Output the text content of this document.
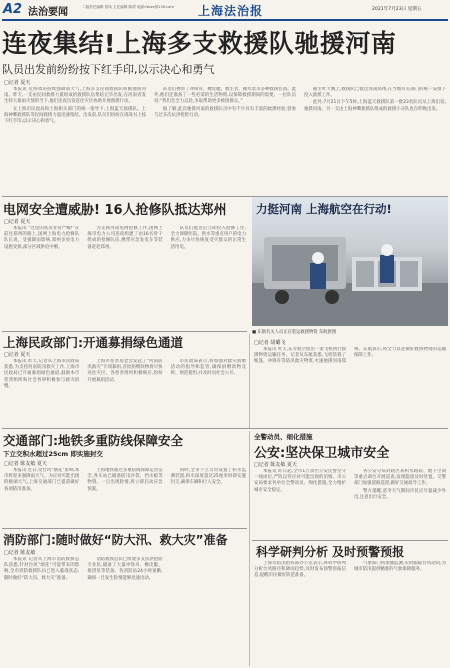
A2 法治要闻	二版责任编辑 管玮 主任编辑 陈珺 电邮:fzbzc@139.com 上海法治报	2021年7月23日 星期五
连夜集结!上海多支救援队驰援河南
队员出发前纷纷按下红手印,以示决心和勇气
□记者 夏天

本报讯 近两周的持续强降雨天气,上海多支民间救援队积极驰援河南。昨天,一支由民间救援力量组成的救援队伍集结完毕出发,在河南省发生特大暴雨灾情的当下,他们连夜出发赶往灾区协助开展救援行动。

在上海市民政局和上海相关部门的统一指导下,上海蓝天救援队、上海神鹰救援队等民间救援力量迅速集结。出发前,队员们纷纷在请战书上按下红手印,以示决心和勇气。

队员们携带了冲锋舟、橡皮艇、救生衣、抽水泵等多种救援装备。此外,他们还准备了一些必需的生活物资,以保障救援期间的需要。一位队员说:“我们会全力以赴,争取帮助更多被困群众。”

据了解,此次驰援河南的救援队员中有不少具有丰富的救援经验,曾参与过多次抗洪抢险行动。

截至昨天晚上,救援队已抵达河南郑州,在当地有关部门的统一安排下投入救援工作。

此外,7月21日下午5时,上海蓝天救援队第一批23名队员从上海出发,驰援河南。另一支由上海神鹰救援队组成的救援小分队也在昨晚出发。

力挺河南 上海航空在行动!
■ 东航有关人员正在装运救援物资 东航供图
电网安全遭威胁! 16人抢修队抵达郑州
□记者 夏天

本报讯 “这里的状况非常严峻!”在前往郑州的路上,国网上海电力抢修队队长说。受强降雨影响,郑州多处电力设施受损,部分区域供电中断。

为支援河南电网抢修工作,国网上海市电力公司连夜组建了由16名骨干组成的抢修队伍,携带应急发电车等装备赶赴郑州。

队员们抵达后立即投入抢修工作,全力保障医院、供水等重点用户的电力供应,力争尽快恢复受灾群众的正常生活用电。

上海民政部门:开通募捐绿色通道
□记者 夏天

本报讯 昨天,记者从上海市民政局获悉,为支持河南防汛救灾工作,上海市民政局已开通募捐绿色通道,鼓励本市慈善组织和社会各界积极参与救灾捐赠。

上海市慈善基金会发起了“河南防汛救灾”专项募捐,首批捐赠款物将尽快送往灾区。各慈善组织积极响应,纷纷开展募捐活动。

市民政局表示,将加强对救灾捐赠活动的指导和监管,确保捐赠款物及时、规范使用,并及时向社会公开。

□记者 胡璐飞

本报讯 昨天,东方航空派出一架飞机执行救援物资运输任务。记者从东航获悉,飞机装载了帐篷、冲锋舟等防汛救灾物资,火速驰援河南郑州。东航表示,将全力以赴做好救援物资的运输保障工作。

交通部门:地铁多重防线保障安全
下立交积水超过25cm 即实施封交
□记者 陈友敏 夏天

本报讯 近日,受台风“烟花”影响,本市将迎来强降雨天气。为应对可能出现的极端天气,上海交通部门已提前做好各项防汛准备。

上海地铁通过多重防线保障运营安全,各车站已储备防汛沙袋、挡水板等物资。一旦出现险情,将立即启动应急预案。

同时,全市下立交均设置了积水监测装置,积水深度超过25厘米时即实施封交,确保车辆和行人安全。

全警动员、细化措施
公安:坚决保卫城市安全
□记者 陈友敏 夏天

本报讯 昨日起,全市1万余名公安民警坚守一线岗位,严阵以待应对可能出现的汛情。市公安局要求各单位全警动员、细化措施,全力维护城市安全稳定。

各公安分局对辖区易积水路段、地下空间等重点部位开展巡查,发现隐患及时处置。交警部门加强道路巡逻,做好交通疏导工作。

警方提醒,恶劣天气期间市民应尽量减少外出,注意出行安全。

消防部门:随时做好“防大汛、救大灾”准备
□记者 陈友敏

本报讯 记者从上海市消防救援总队获悉,针对台风“烟花”可能带来的影响,全市消防救援队伍已进入临战状态,随时做好“防大汛、救大灾”准备。

消防救援总队已组建多支抗洪抢险专业队,储备了大量冲锋舟、橡皮艇、排涝泵等装备。各消防站24小时备勤,确保一旦发生险情能够迅速出动。

科学研判分析 及时预警预报

上海市防汛指挥部办公室表示,将科学研判分析台风路径和降雨趋势,及时发布预警预报信息,提醒市民做好防范准备。

气象部门将加强监测,实时跟踪台风动向,为城市防汛提供精准的气象保障服务。
